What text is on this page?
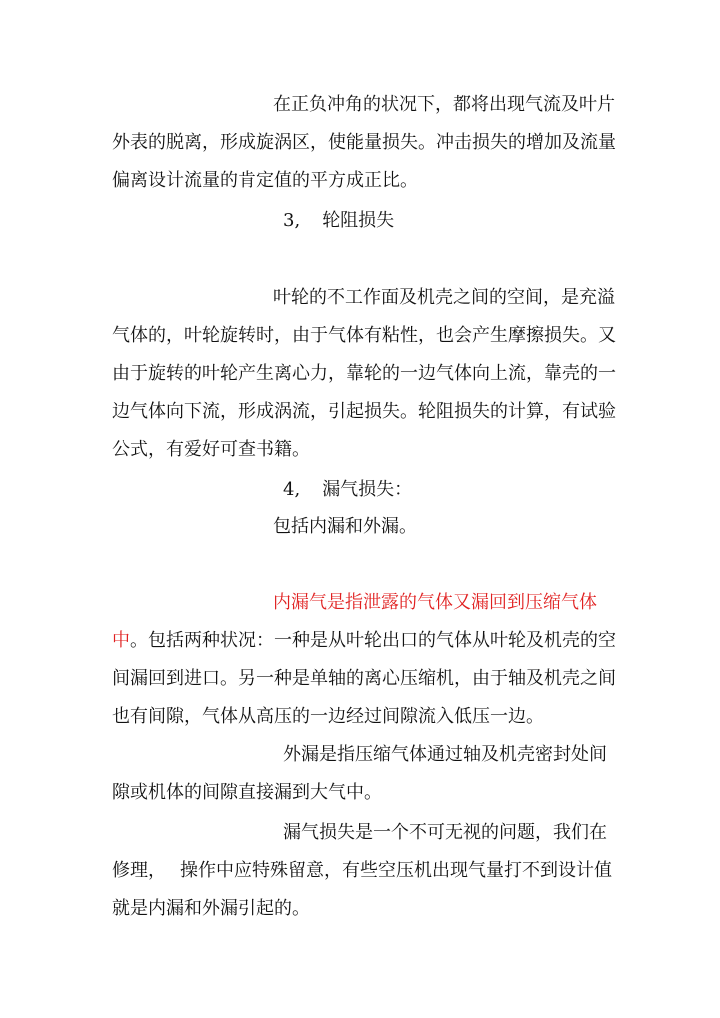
在正负冲角的状况下，都将出现气流及叶片
外表的脱离，形成旋涡区，使能量损失。冲击损失的增加及流量
偏离设计流量的肯定值的平方成正比。
3, 轮阻损失
叶轮的不工作面及机壳之间的空间，是充溢
气体的，叶轮旋转时，由于气体有粘性，也会产生摩擦损失。又
由于旋转的叶轮产生离心力，靠轮的一边气体向上流，靠壳的一
边气体向下流，形成涡流，引起损失。轮阻损失的计算，有试验
公式，有爱好可查书籍。
4, 漏气损失：
包括内漏和外漏。
内漏气是指泄露的气体又漏回到压缩气体
中。包括两种状况：一种是从叶轮出口的气体从叶轮及机壳的空
间漏回到进口。另一种是单轴的离心压缩机，由于轴及机壳之间
也有间隙，气体从高压的一边经过间隙流入低压一边。
外漏是指压缩气体通过轴及机壳密封处间
隙或机体的间隙直接漏到大气中。
漏气损失是一个不可无视的问题，我们在
修理， 操作中应特殊留意，有些空压机出现气量打不到设计值
就是内漏和外漏引起的。
